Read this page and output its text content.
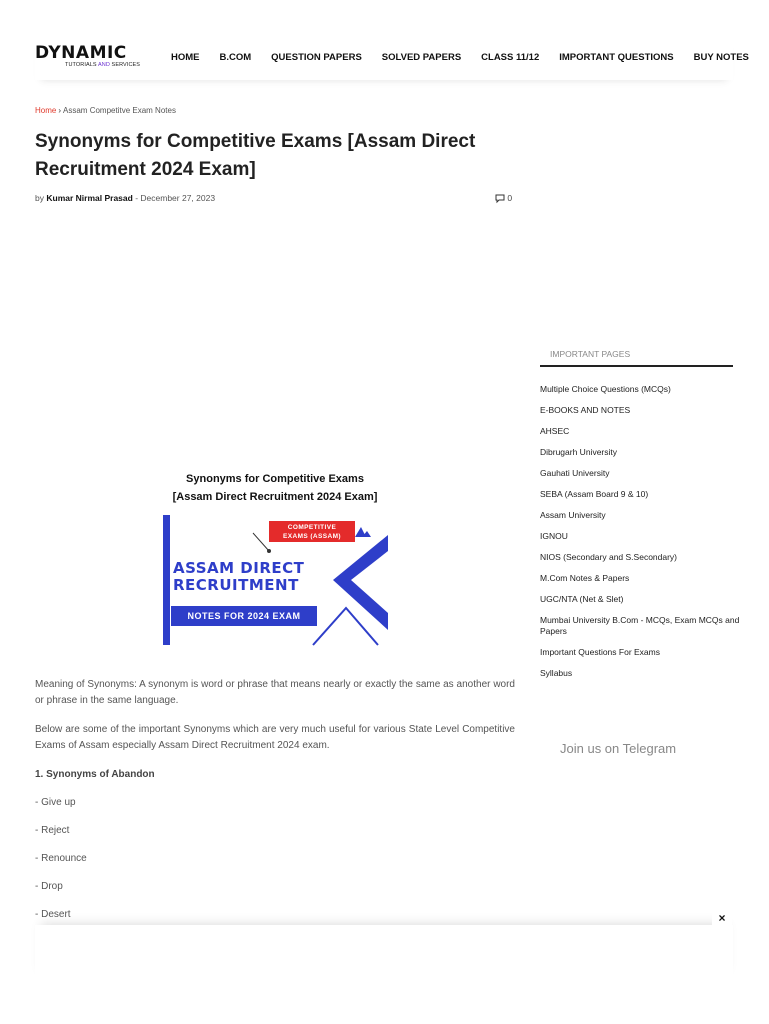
DYNAMIC
TUTORIALS AND SERVICES
HOME B.COM QUESTION PAPERS SOLVED PAPERS CLASS 11/12 IMPORTANT QUESTIONS BUY NOTES
Home › Assam Competitve Exam Notes
Synonyms for Competitive Exams [Assam Direct Recruitment 2024 Exam]
by Kumar Nirmal Prasad - December 27, 2023	0
Synonyms for Competitive Exams
[Assam Direct Recruitment 2024 Exam]
COMPETITIVE
EXAMS (ASSAM)
ASSAM DIRECT
RECRUITMENT
NOTES FOR 2024 EXAM

Meaning of Synonyms: A synonym is word or phrase that means nearly or exactly the same as another word or phrase in the same language.

Below are some of the important Synonyms which are very much useful for various State Level Competitive Exams of Assam especially Assam Direct Recruitment 2024 exam.

1. Synonyms of Abandon

- Give up

- Reject

- Renounce

- Drop

- Desert

IMPORTANT PAGES
Multiple Choice Questions (MCQs)
E-BOOKS AND NOTES
AHSEC
Dibrugarh University
Gauhati University
SEBA (Assam Board 9 & 10)
Assam University
IGNOU
NIOS (Secondary and S.Secondary)
M.Com Notes & Papers
UGC/NTA (Net & Slet)
Mumbai University B.Com - MCQs, Exam MCQs and Papers
Important Questions For Exams
Syllabus
Join us on Telegram
×
